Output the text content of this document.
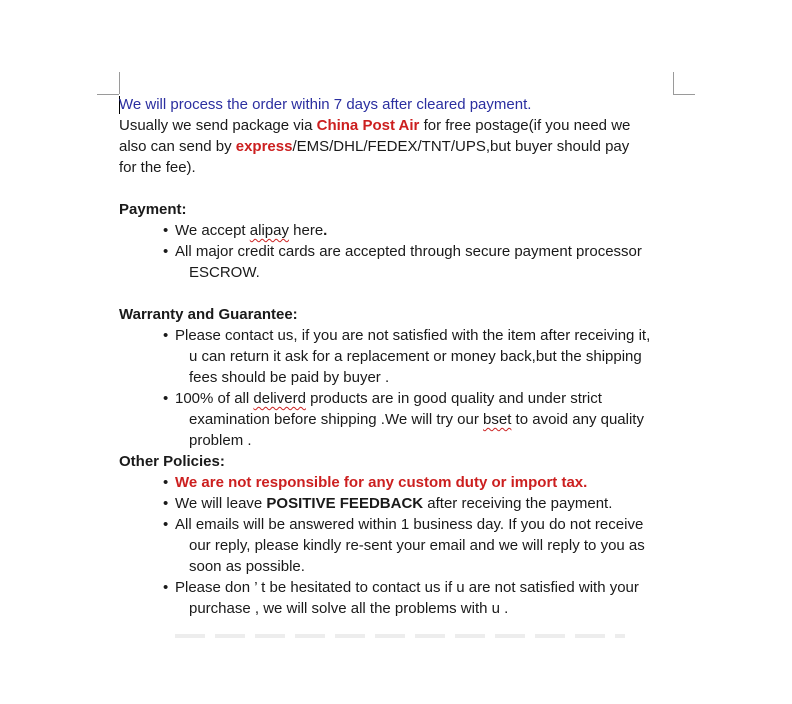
We will process the order within 7 days after cleared payment.
Usually we send package via China Post Air for free postage(if you need we
also can send by express/EMS/DHL/FEDEX/TNT/UPS,but buyer should pay
for the fee).
Payment:
• We accept alipay here.
• All major credit cards are accepted through secure payment processor
ESCROW.
Warranty and Guarantee:
• Please contact us, if you are not satisfied with the item after receiving it,
u can return it ask for a replacement or money back,but the shipping
fees should be paid by buyer .
• 100% of all deliverd products are in good quality and under strict
examination before shipping .We will try our bset to avoid any quality
problem .
Other Policies:
• We are not responsible for any custom duty or import tax.
• We will leave POSITIVE FEEDBACK after receiving the payment.
• All emails will be answered within 1 business day. If you do not receive
our reply, please kindly re-sent your email and we will reply to you as
soon as possible.
• Please don ’ t be hesitated to contact us if u are not satisfied with your
purchase , we will solve all the problems with u .
